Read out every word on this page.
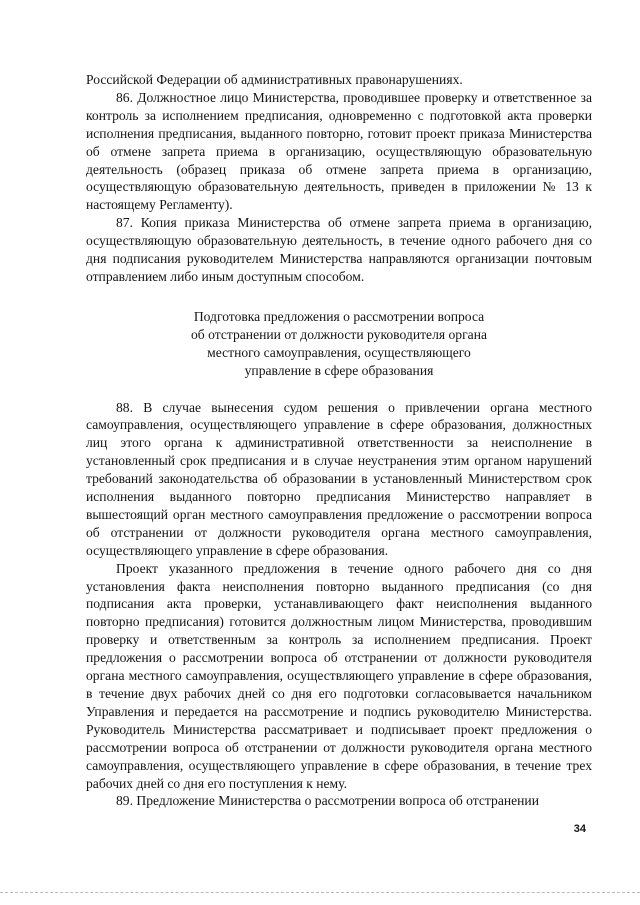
Российской Федерации об административных правонарушениях.

86. Должностное лицо Министерства, проводившее проверку и ответственное за контроль за исполнением предписания, одновременно с подготовкой акта проверки исполнения предписания, выданного повторно, готовит проект приказа Министерства об отмене запрета приема в организацию, осуществляющую образовательную деятельность (образец приказа об отмене запрета приема в организацию, осуществляющую образовательную деятельность, приведен в приложении № 13 к настоящему Регламенту).

87. Копия приказа Министерства об отмене запрета приема в организацию, осуществляющую образовательную деятельность, в течение одного рабочего дня со дня подписания руководителем Министерства направляются организации почтовым отправлением либо иным доступным способом.

Подготовка предложения о рассмотрении вопроса
об отстранении от должности руководителя органа
местного самоуправления, осуществляющего
управление в сфере образования

88. В случае вынесения судом решения о привлечении органа местного самоуправления, осуществляющего управление в сфере образования, должностных лиц этого органа к административной ответственности за неисполнение в установленный срок предписания и в случае неустранения этим органом нарушений требований законодательства об образовании в установленный Министерством срок исполнения выданного повторно предписания Министерство направляет в вышестоящий орган местного самоуправления предложение о рассмотрении вопроса об отстранении от должности руководителя органа местного самоуправления, осуществляющего управление в сфере образования.

Проект указанного предложения в течение одного рабочего дня со дня установления факта неисполнения повторно выданного предписания (со дня подписания акта проверки, устанавливающего факт неисполнения выданного повторно предписания) готовится должностным лицом Министерства, проводившим проверку и ответственным за контроль за исполнением предписания. Проект предложения о рассмотрении вопроса об отстранении от должности руководителя органа местного самоуправления, осуществляющего управление в сфере образования, в течение двух рабочих дней со дня его подготовки согласовывается начальником Управления и передается на рассмотрение и подпись руководителю Министерства. Руководитель Министерства рассматривает и подписывает проект предложения о рассмотрении вопроса об отстранении от должности руководителя органа местного самоуправления, осуществляющего управление в сфере образования, в течение трех рабочих дней со дня его поступления к нему.

89. Предложение Министерства о рассмотрении вопроса об отстранении

34
